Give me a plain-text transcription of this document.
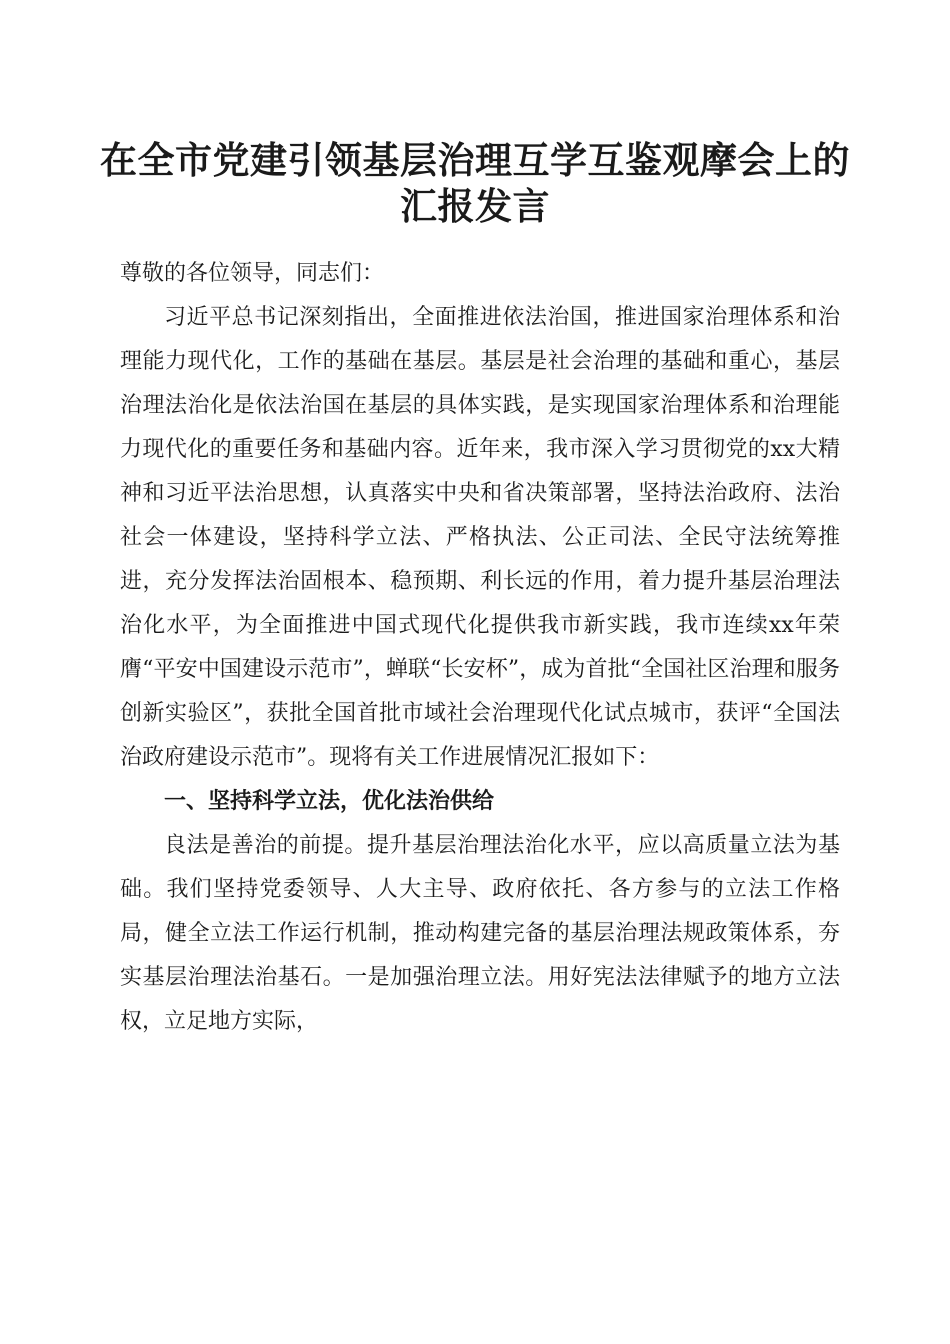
在全市党建引领基层治理互学互鉴观摩会上的
汇报发言

尊敬的各位领导，同志们：

习近平总书记深刻指出，全面推进依法治国，推进国家治理体系和治理能力现代化，工作的基础在基层。基层是社会治理的基础和重心，基层治理法治化是依法治国在基层的具体实践，是实现国家治理体系和治理能力现代化的重要任务和基础内容。近年来，我市深入学习贯彻党的xx大精神和习近平法治思想，认真落实中央和省决策部署，坚持法治政府、法治社会一体建设，坚持科学立法、严格执法、公正司法、全民守法统筹推进，充分发挥法治固根本、稳预期、利长远的作用，着力提升基层治理法治化水平，为全面推进中国式现代化提供我市新实践，我市连续xx年荣膺“平安中国建设示范市”，蝉联“长安杯”，成为首批“全国社区治理和服务创新实验区”，获批全国首批市域社会治理现代化试点城市，获评“全国法治政府建设示范市”。现将有关工作进展情况汇报如下：

一、坚持科学立法，优化法治供给

良法是善治的前提。提升基层治理法治化水平，应以高质量立法为基础。我们坚持党委领导、人大主导、政府依托、各方参与的立法工作格局，健全立法工作运行机制，推动构建完备的基层治理法规政策体系，夯实基层治理法治基石。一是加强治理立法。用好宪法法律赋予的地方立法权，立足地方实际，
